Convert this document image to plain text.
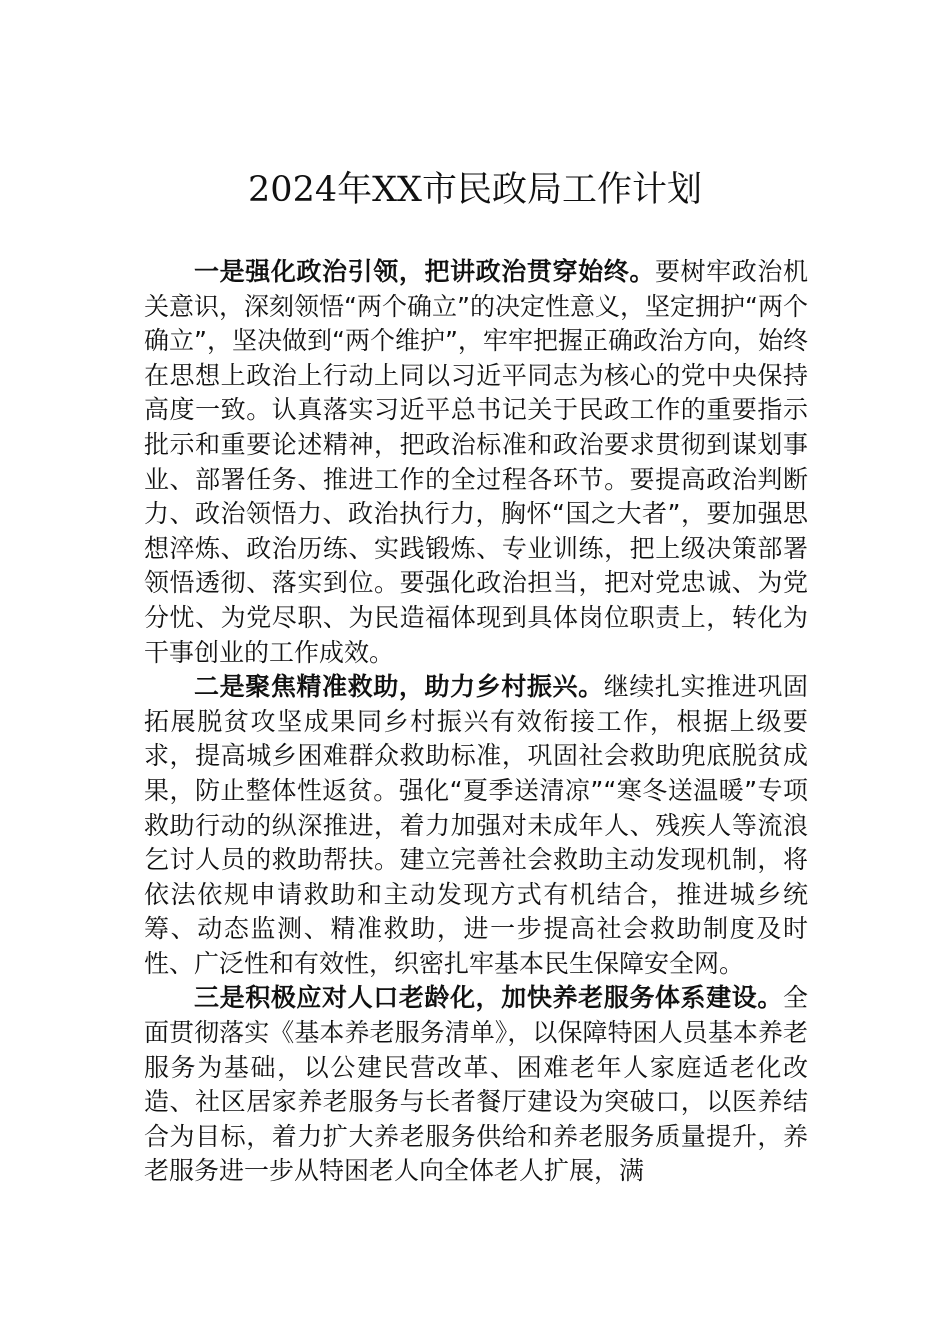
2024年XX市民政局工作计划

一是强化政治引领，把讲政治贯穿始终。要树牢政治机关意识，深刻领悟“两个确立”的决定性意义，坚定拥护“两个确立”，坚决做到“两个维护”，牢牢把握正确政治方向，始终在思想上政治上行动上同以习近平同志为核心的党中央保持高度一致。认真落实习近平总书记关于民政工作的重要指示批示和重要论述精神，把政治标准和政治要求贯彻到谋划事业、部署任务、推进工作的全过程各环节。要提高政治判断力、政治领悟力、政治执行力，胸怀“国之大者”，要加强思想淬炼、政治历练、实践锻炼、专业训练，把上级决策部署领悟透彻、落实到位。要强化政治担当，把对党忠诚、为党分忧、为党尽职、为民造福体现到具体岗位职责上，转化为干事创业的工作成效。

二是聚焦精准救助，助力乡村振兴。继续扎实推进巩固拓展脱贫攻坚成果同乡村振兴有效衔接工作，根据上级要求，提高城乡困难群众救助标准，巩固社会救助兜底脱贫成果，防止整体性返贫。强化“夏季送清凉”“寒冬送温暖”专项救助行动的纵深推进，着力加强对未成年人、残疾人等流浪乞讨人员的救助帮扶。建立完善社会救助主动发现机制，将依法依规申请救助和主动发现方式有机结合，推进城乡统筹、动态监测、精准救助，进一步提高社会救助制度及时性、广泛性和有效性，织密扎牢基本民生保障安全网。

三是积极应对人口老龄化，加快养老服务体系建设。全面贯彻落实《基本养老服务清单》，以保障特困人员基本养老服务为基础，以公建民营改革、困难老年人家庭适老化改造、社区居家养老服务与长者餐厅建设为突破口，以医养结合为目标，着力扩大养老服务供给和养老服务质量提升，养老服务进一步从特困老人向全体老人扩展，满
